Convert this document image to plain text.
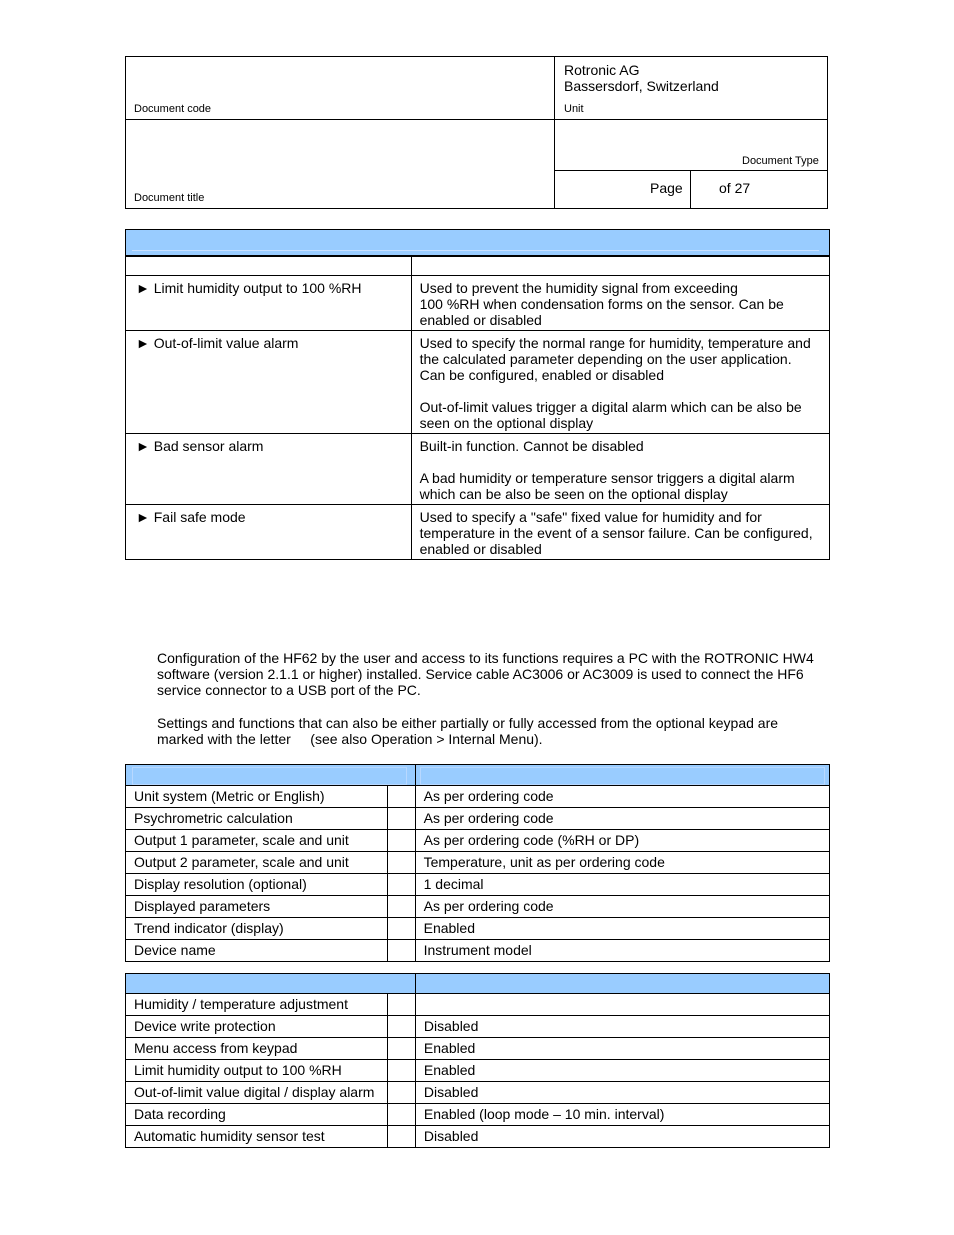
Rotronic AG
Bassersdorf, Switzerland
Document code	Unit
Document Type
Document title
Page	of 27

► Limit humidity output to 100 %RH	Used to prevent the humidity signal from exceeding
100 %RH when condensation forms on the sensor. Can be enabled or disabled
► Out-of-limit value alarm	Used to specify the normal range for humidity, temperature and the calculated parameter depending on the user application. Can be configured, enabled or disabled

Out-of-limit values trigger a digital alarm which can be also be seen on the optional display
► Bad sensor alarm	Built-in function. Cannot be disabled

A bad humidity or temperature sensor triggers a digital alarm which can be also be seen on the optional display
► Fail safe mode	Used to specify a "safe" fixed value for humidity and for temperature in the event of a sensor failure. Can be configured, enabled or disabled
Configuration of the HF62 by the user and access to its functions requires a PC with the ROTRONIC HW4 software (version 2.1.1 or higher) installed. Service cable AC3006 or AC3009 is used to connect the HF6 service connector to a USB port of the PC.
Settings and functions that can also be either partially or fully accessed from the optional keypad are marked with the letter     (see also Operation > Internal Menu).

Unit system (Metric or English)		As per ordering code
Psychrometric calculation		As per ordering code
Output 1 parameter, scale and unit		As per ordering code (%RH or DP)
Output 2 parameter, scale and unit		Temperature, unit as per ordering code
Display resolution (optional)		1 decimal
Displayed parameters		As per ordering code
Trend indicator (display)		Enabled
Device name		Instrument model

Humidity / temperature adjustment		
Device write protection		Disabled
Menu access from keypad		Enabled
Limit humidity output to 100 %RH		Enabled
Out-of-limit value digital / display alarm		Disabled
Data recording		Enabled (loop mode – 10 min. interval)
Automatic humidity sensor test		Disabled
